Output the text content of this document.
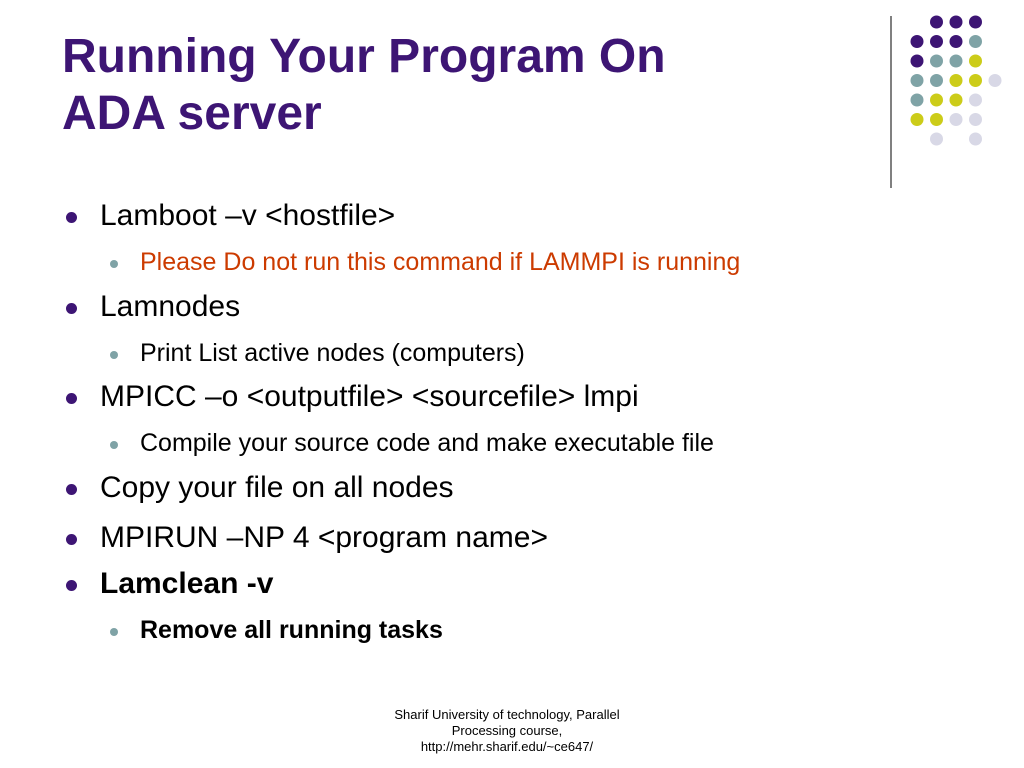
Running Your Program On
ADA server
Lamboot –v <hostfile>
Please Do not run this command if LAMMPI is running
Lamnodes
Print List active nodes (computers)
MPICC –o <outputfile> <sourcefile> lmpi
Compile your source code and make executable file
Copy your file on all nodes
MPIRUN –NP 4 <program name>
Lamclean -v
Remove all running tasks
Sharif University of technology, Parallel
Processing course,
http://mehr.sharif.edu/~ce647/
